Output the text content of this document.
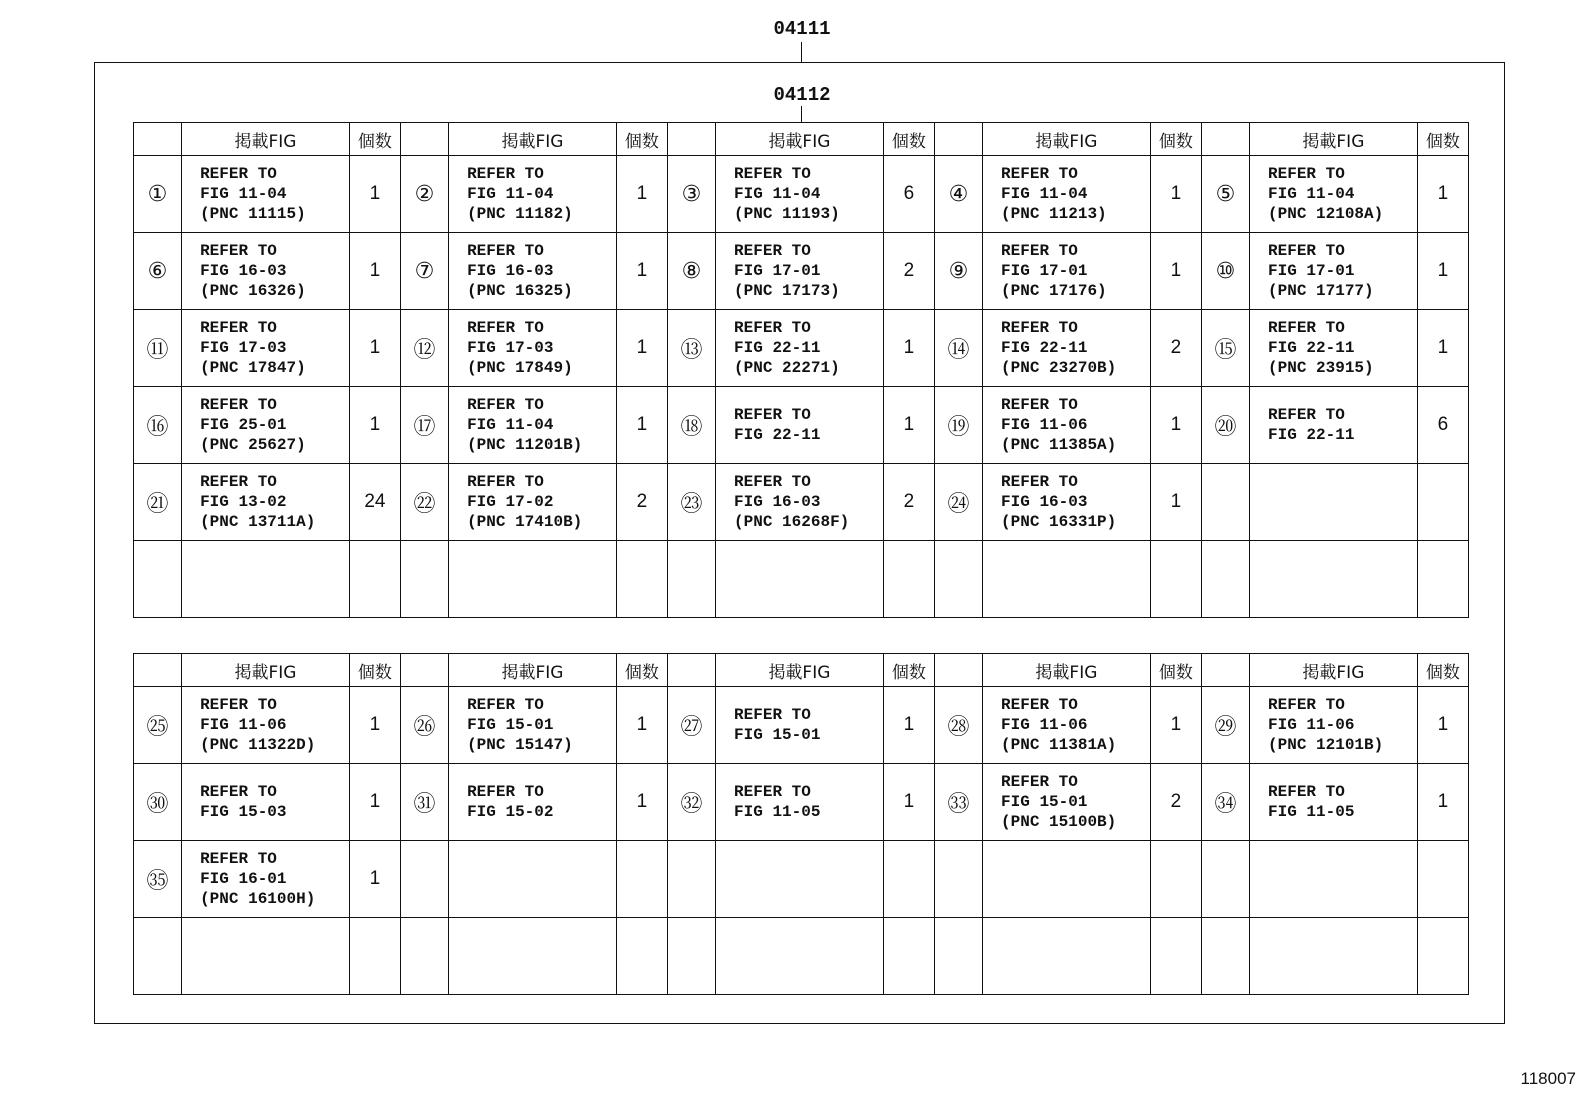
04111
04112
	掲載FIG	個数		掲載FIG	個数		掲載FIG	個数		掲載FIG	個数		掲載FIG	個数
①	REFER TO
FIG 11-04
(PNC 11115)	1	②	REFER TO
FIG 11-04
(PNC 11182)	1	③	REFER TO
FIG 11-04
(PNC 11193)	6	④	REFER TO
FIG 11-04
(PNC 11213)	1	⑤	REFER TO
FIG 11-04
(PNC 12108A)	1
⑥	REFER TO
FIG 16-03
(PNC 16326)	1	⑦	REFER TO
FIG 16-03
(PNC 16325)	1	⑧	REFER TO
FIG 17-01
(PNC 17173)	2	⑨	REFER TO
FIG 17-01
(PNC 17176)	1	⑩	REFER TO
FIG 17-01
(PNC 17177)	1
⑪	REFER TO
FIG 17-03
(PNC 17847)	1	⑫	REFER TO
FIG 17-03
(PNC 17849)	1	⑬	REFER TO
FIG 22-11
(PNC 22271)	1	⑭	REFER TO
FIG 22-11
(PNC 23270B)	2	⑮	REFER TO
FIG 22-11
(PNC 23915)	1
⑯	REFER TO
FIG 25-01
(PNC 25627)	1	⑰	REFER TO
FIG 11-04
(PNC 11201B)	1	⑱	REFER TO
FIG 22-11	1	⑲	REFER TO
FIG 11-06
(PNC 11385A)	1	⑳	REFER TO
FIG 22-11	6
㉑	REFER TO
FIG 13-02
(PNC 13711A)	24	㉒	REFER TO
FIG 17-02
(PNC 17410B)	2	㉓	REFER TO
FIG 16-03
(PNC 16268F)	2	㉔	REFER TO
FIG 16-03
(PNC 16331P)	1		

	掲載FIG	個数		掲載FIG	個数		掲載FIG	個数		掲載FIG	個数		掲載FIG	個数
㉕	REFER TO
FIG 11-06
(PNC 11322D)	1	㉖	REFER TO
FIG 15-01
(PNC 15147)	1	㉗	REFER TO
FIG 15-01	1	㉘	REFER TO
FIG 11-06
(PNC 11381A)	1	㉙	REFER TO
FIG 11-06
(PNC 12101B)	1
㉚	REFER TO
FIG 15-03	1	㉛	REFER TO
FIG 15-02	1	㉜	REFER TO
FIG 11-05	1	㉝	REFER TO
FIG 15-01
(PNC 15100B)	2	㉞	REFER TO
FIG 11-05	1
㉟	REFER TO
FIG 16-01
(PNC 16100H)	1		

118007
